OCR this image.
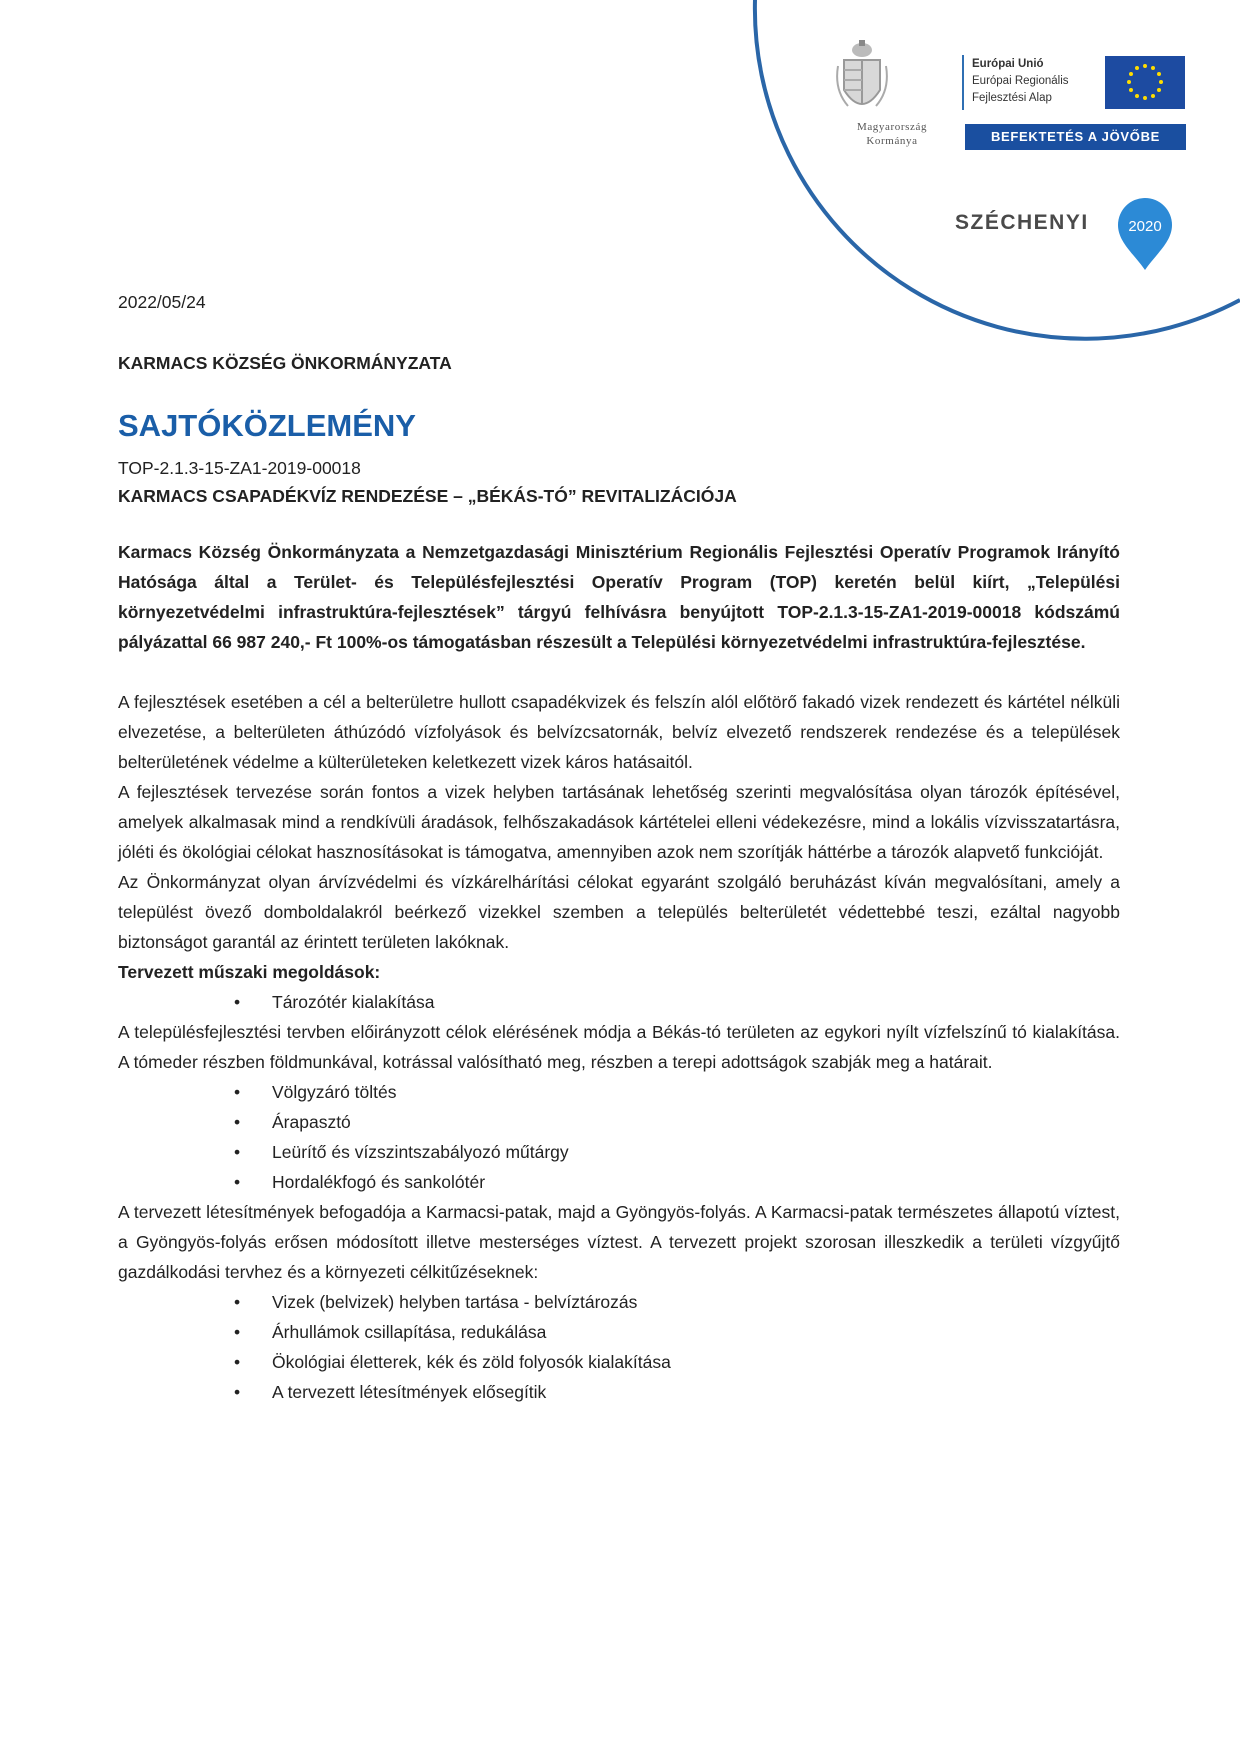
Magyarország
Kormánya
Európai Unió
Európai Regionális
Fejlesztési Alap
BEFEKTETÉS A JÖVŐBE
SZÉCHENYI	2020
2022/05/24
KARMACS KÖZSÉG ÖNKORMÁNYZATA
SAJTÓKÖZLEMÉNY
TOP-2.1.3-15-ZA1-2019-00018
KARMACS CSAPADÉKVÍZ RENDEZÉSE – „BÉKÁS-TÓ” REVITALIZÁCIÓJA

Karmacs Község Önkormányzata a Nemzetgazdasági Minisztérium Regionális Fejlesztési Operatív Programok Irányító Hatósága által a Terület- és Településfejlesztési Operatív Program (TOP) keretén belül kiírt, „Települési környezetvédelmi infrastruktúra-fejlesztések” tárgyú felhívásra benyújtott TOP-2.1.3-15-ZA1-2019-00018 kódszámú pályázattal 66 987 240,- Ft 100%-os támogatásban részesült a Települési környezetvédelmi infrastruktúra-fejlesztése.

A fejlesztések esetében a cél a belterületre hullott csapadékvizek és felszín alól előtörő fakadó vizek rendezett és kártétel nélküli elvezetése, a belterületen áthúzódó vízfolyások és belvízcsatornák, belvíz elvezető rendszerek rendezése és a települések belterületének védelme a külterületeken keletkezett vizek káros hatásaitól.

A fejlesztések tervezése során fontos a vizek helyben tartásának lehetőség szerinti megvalósítása olyan tározók építésével, amelyek alkalmasak mind a rendkívüli áradások, felhőszakadások kártételei elleni védekezésre, mind a lokális vízvisszatartásra, jóléti és ökológiai célokat hasznosításokat is támogatva, amennyiben azok nem szorítják háttérbe a tározók alapvető funkcióját.

Az Önkormányzat olyan árvízvédelmi és vízkárelhárítási célokat egyaránt szolgáló beruházást kíván megvalósítani, amely a települést övező domboldalakról beérkező vizekkel szemben a település belterületét védettebbé teszi, ezáltal nagyobb biztonságot garantál az érintett területen lakóknak.

Tervezett műszaki megoldások:

• Tározótér kialakítása

A településfejlesztési tervben előirányzott célok elérésének módja a Békás-tó területen az egykori nyílt vízfelszínű tó kialakítása. A tómeder részben földmunkával, kotrással valósítható meg, részben a terepi adottságok szabják meg a határait.

• Völgyzáró töltés
• Árapasztó
• Leürítő és vízszintszabályozó műtárgy
• Hordalékfogó és sankolótér

A tervezett létesítmények befogadója a Karmacsi-patak, majd a Gyöngyös-folyás. A Karmacsi-patak természetes állapotú víztest, a Gyöngyös-folyás erősen módosított illetve mesterséges víztest. A tervezett projekt szorosan illeszkedik a területi vízgyűjtő gazdálkodási tervhez és a környezeti célkitűzéseknek:

• Vizek (belvizek) helyben tartása - belvíztározás
• Árhullámok csillapítása, redukálása
• Ökológiai életterek, kék és zöld folyosók kialakítása
• A tervezett létesítmények elősegítik
